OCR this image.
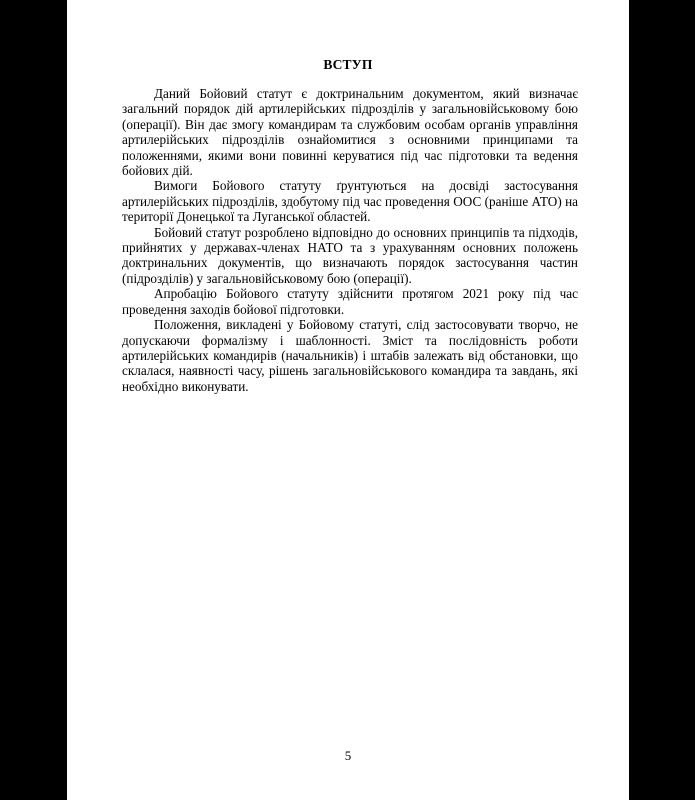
ВСТУП

Даний Бойовий статут є доктринальним документом, який визначає загальний порядок дій артилерійських підрозділів у загальновійськовому бою (операції). Він дає змогу командирам та службовим особам органів управління артилерійських підрозділів ознайомитися з основними принципами та положеннями, якими вони повинні керуватися під час підготовки та ведення бойових дій.

Вимоги Бойового статуту ґрунтуються на досвіді застосування артилерійських підрозділів, здобутому під час проведення ООС (раніше АТО) на території Донецької та Луганської областей.

Бойовий статут розроблено відповідно до основних принципів та підходів, прийнятих у державах-членах НАТО та з урахуванням основних положень доктринальних документів, що визначають порядок застосування частин (підрозділів) у загальновійськовому бою (операції).

Апробацію Бойового статуту здійснити протягом 2021 року під час проведення заходів бойової підготовки.

Положення, викладені у Бойовому статуті, слід застосовувати творчо, не допускаючи формалізму і шаблонності. Зміст та послідовність роботи артилерійських командирів (начальників) і штабів залежать від обстановки, що склалася, наявності часу, рішень загальновійськового командира та завдань, які необхідно виконувати.

5
